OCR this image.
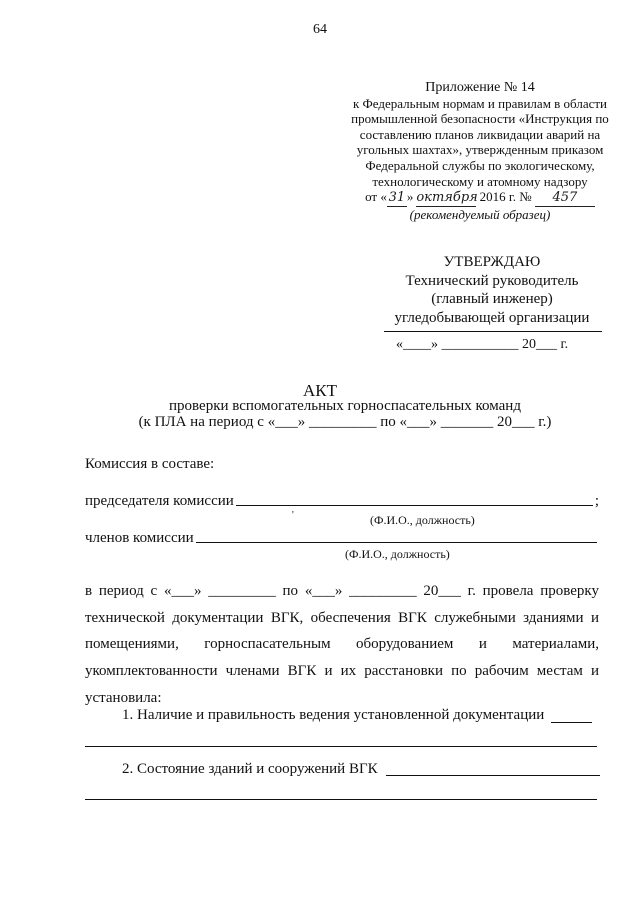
64
Приложение № 14
к Федеральным нормам и правилам в области
промышленной безопасности «Инструкция по
составлению планов ликвидации аварий на
угольных шахтах», утвержденным приказом
Федеральной службы по экологическому,
технологическому и атомному надзору
от « 31 » октября 2016 г. № 457
(рекомендуемый образец)
УТВЕРЖДАЮ
Технический руководитель
(главный инженер)
угледобывающей организации
«____» ___________ 20___ г.
АКТ
проверки вспомогательных горноспасательных команд
(к ПЛА на период с «___» _________ по «___» _______ 20___ г.)
Комиссия в составе:
председателя комиссии	;
'	(Ф.И.О., должность)
членов комиссии
(Ф.И.О., должность)
в период с «___» _________ по «___» _________ 20___ г. провела проверку
технической документации ВГК, обеспечения ВГК служебными зданиями и
помещениями, горноспасательным оборудованием и материалами,
укомплектованности членами ВГК и их расстановки по рабочим местам и
установила:
1. Наличие и правильность ведения установленной документации
2. Состояние зданий и сооружений ВГК
